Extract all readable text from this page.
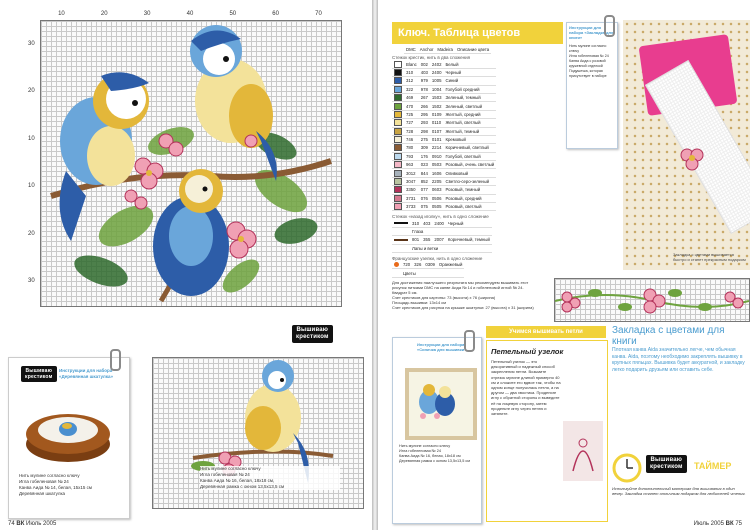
10	20	30	40	50	60	70
30
20
10
10
20
30
Вышиваю
крестиком
Вышиваю
крестиком
Инструкции для набора «Деревянная шкатулка»
Нить мулине согласно ключу
Игла гобеленовая № 24
Канва Аида № 14, белая, 15х15 см
Деревянная шкатулка
Нить мулине согласно ключу
Игла гобеленовая № 24
Канва Аида № 16, белая, 18х18 см,
Деревянная рамка с окном 13,5х13,5 см
74 ВК Июль 2005
Ключ. Таблица цветов
DMC	Anchor	Madeira	Описание цвета
Стежок крестик, нить в два сложения
	Blanc	002	2402	Белый
	310	403	2400	Черный
	312	979	1005	Синий
	322	978	1004	Голубой средний
	469	267	1503	Зеленый, темный
	470	266	1502	Зеленый, светлый
	725	295	0109	Желтый, средний
	727	293	0110	Желтый, светлый
	728	298	0107	Желтый, темный
	746	275	0101	Кремовый
	780	309	2214	Коричневый, светлый
	793	176	0910	Голубой, светлый
	963	023	0503	Розовый, очень светлый
	3012	844	1606	Оливковый
	3047	852	2205	Светло-серо-зеленый
	3350	077	0603	Розовый, темный
	3731	076	0506	Розовый, средний
	3733	075	0505	Розовый, светлый
Стежок «назад иголку», нить в одно сложение
	310	403	2400	Черный
	Глаза			
	801	355	2007	Коричневый, темный
	Лапы и ветки			
Французские узелки, нить в одно сложение
	720	326	0309	Оранжевый
	Цветы			
Для достижения наилучшего результата мы рекомендуем вышивать этот
рисунок нитками DMC на канве Аида № 14 и гобеленовой иглой № 24.
Квадрат 5 см.
Счет крестиков для картины: 73 (высота) х 76 (ширина)
Площадь вышивки: 13х14 см
Счет крестиков для рисунка на крышке шкатулки: 27 (высота) х 31 (ширина)
Инструкции для набора «Закладка для книги»
Нить мулине согласно ключу
Игла гобеленовая № 24
Канва Аида с розовой кружевной отделкой
Подушечка, которая присутствует в наборе
Закладка с цветами вышивается быстро и станет прекрасным подарком
Инструкции для набора «Синичка для вышивки»
Нить мулине согласно ключу
Игла гобеленовая № 24
Канва Аида № 16, белая, 18х18 см
Деревянная рамка с окном 13,5х13,5 см
Учимся вышивать петли
Петельный узелок
Петельный узелок — это декоративный и надежный способ закрепления петли. Возьмите отрезок мулине длиной примерно 40 см и сложите его вдвое так, чтобы на одном конце получилась петля, а на другом — два хвостика. Проденьте иглу с обратной стороны и выведите её на лицевую сторону, затем проденьте иглу через петлю и затяните.
Закладка с цветами для книги
Плотная канва Aida значительно легче, чем обычная канва. Aida, поэтому необходимо закреплять вышивку в крупных пяльцах. Вышивка будет аккуратной, и закладку легко подарить друзьям или оставить себе.
Вышиваю
крестиком ТАЙМЕР
Используйте дополнительный материал для вышивания в один вечер. Закладка станет отличным подарком для любителей чтения.
Июль 2005 ВК 75
